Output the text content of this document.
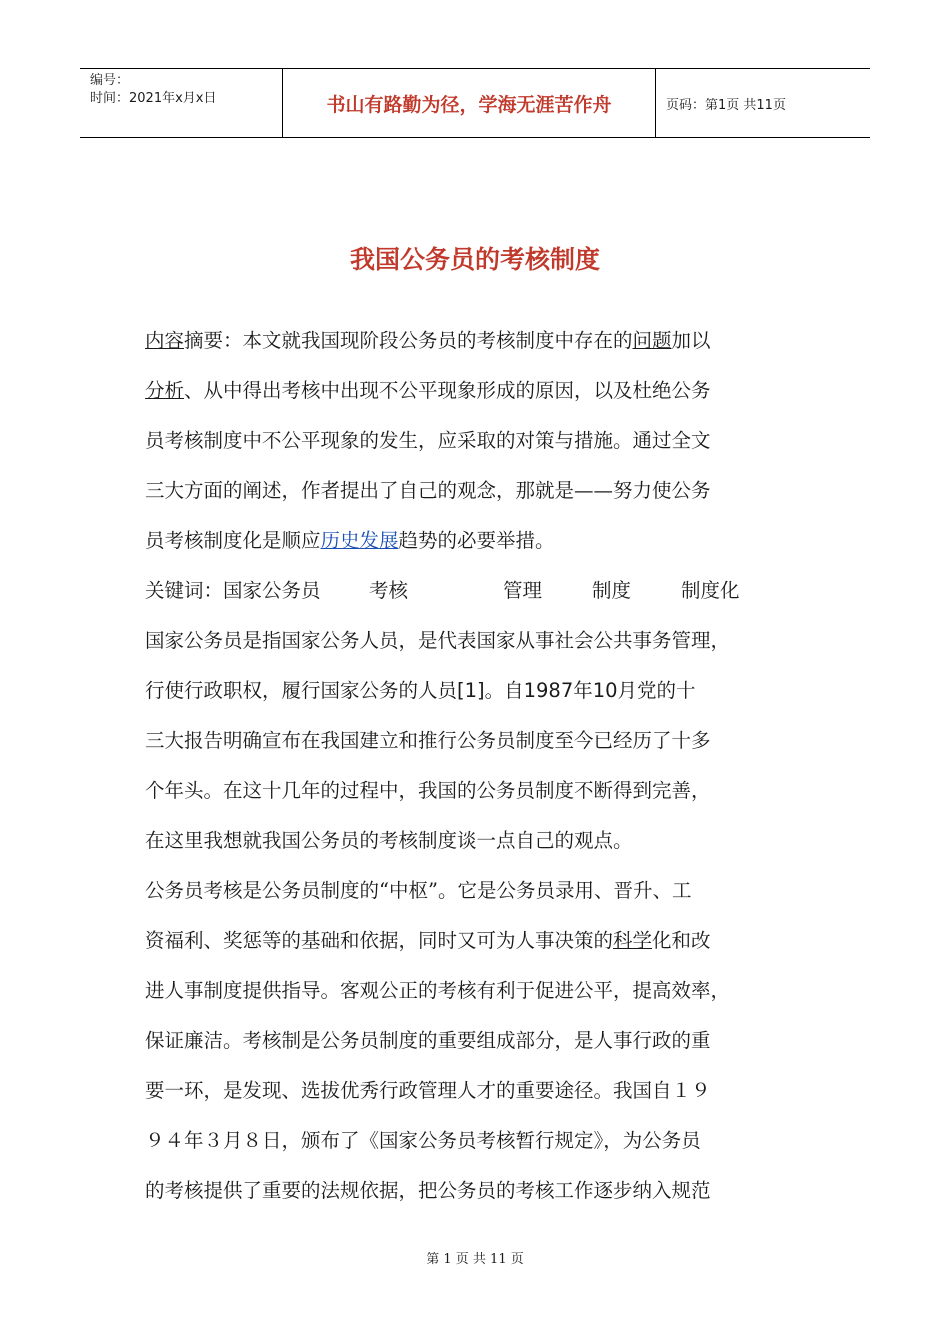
编号：
时间：2021年x月x日	书山有路勤为径，学海无涯苦作舟	页码：第1页 共11页
我国公务员的考核制度
内容摘要：本文就我国现阶段公务员的考核制度中存在的问题加以
分析、从中得出考核中出现不公平现象形成的原因，以及杜绝公务
员考核制度中不公平现象的发生，应采取的对策与措施。通过全文
三大方面的阐述，作者提出了自己的观念，那就是——努力使公务
员考核制度化是顺应历史发展趋势的必要举措。
关键词：国家公务员 考核	管理	制度	制度化
国家公务员是指国家公务人员，是代表国家从事社会公共事务管理，
行使行政职权，履行国家公务的人员[1]。自1987年10月党的十
三大报告明确宣布在我国建立和推行公务员制度至今已经历了十多
个年头。在这十几年的过程中，我国的公务员制度不断得到完善，
在这里我想就我国公务员的考核制度谈一点自己的观点。
公务员考核是公务员制度的“中枢”。它是公务员录用、晋升、工
资福利、奖惩等的基础和依据，同时又可为人事决策的科学化和改
进人事制度提供指导。客观公正的考核有利于促进公平，提高效率，
保证廉洁。考核制是公务员制度的重要组成部分，是人事行政的重
要一环，是发现、选拔优秀行政管理人才的重要途径。我国自１９
９４年３月８日，颁布了《国家公务员考核暂行规定》，为公务员
的考核提供了重要的法规依据，把公务员的考核工作逐步纳入规范
第 1 页 共 11 页
